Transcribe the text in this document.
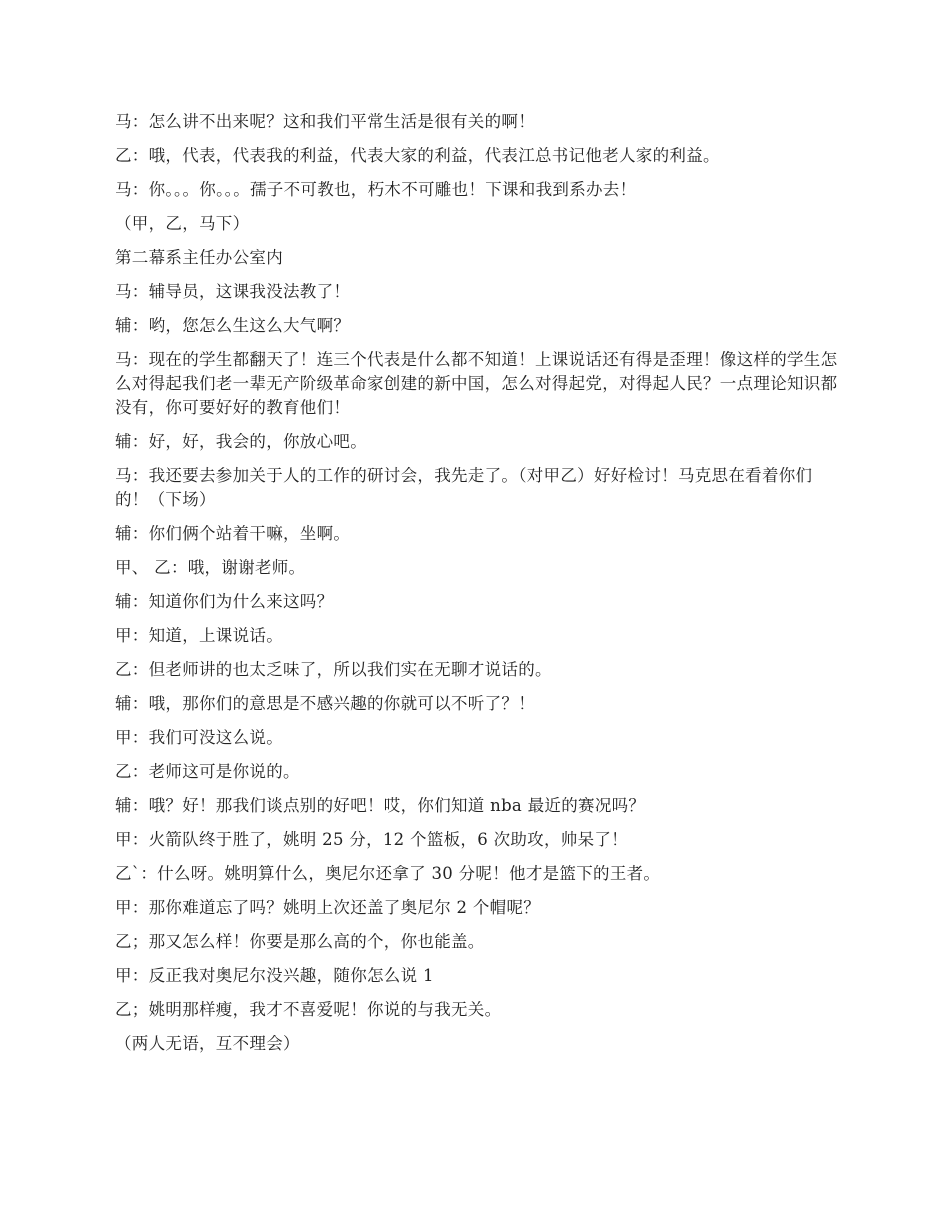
马：怎么讲不出来呢？这和我们平常生活是很有关的啊！

乙：哦，代表，代表我的利益，代表大家的利益，代表江总书记他老人家的利益。

马：你。。。你。。。孺子不可教也，朽木不可雕也！下课和我到系办去！

（甲，乙，马下）

第二幕系主任办公室内

马：辅导员，这课我没法教了！

辅：哟，您怎么生这么大气啊？

马：现在的学生都翻天了！连三个代表是什么都不知道！上课说话还有得是歪理！像这样的学生怎么对得起我们老一辈无产阶级革命家创建的新中国，怎么对得起党，对得起人民？一点理论知识都没有，你可要好好的教育他们！

辅：好，好，我会的，你放心吧。

马：我还要去参加关于人的工作的研讨会，我先走了。（对甲乙）好好检讨！马克思在看着你们的！（下场）

辅：你们俩个站着干嘛，坐啊。

甲、 乙：哦，谢谢老师。

辅：知道你们为什么来这吗？

甲：知道，上课说话。

乙：但老师讲的也太乏味了，所以我们实在无聊才说话的。

辅：哦，那你们的意思是不感兴趣的你就可以不听了？！

甲：我们可没这么说。

乙：老师这可是你说的。

辅：哦？好！那我们谈点别的好吧！哎，你们知道 nba 最近的赛况吗？

甲：火箭队终于胜了，姚明 25 分，12 个篮板，6 次助攻，帅呆了！

乙`：什么呀。姚明算什么，奥尼尔还拿了 30 分呢！他才是篮下的王者。

甲：那你难道忘了吗？姚明上次还盖了奥尼尔 2 个帽呢？

乙；那又怎么样！你要是那么高的个，你也能盖。

甲：反正我对奥尼尔没兴趣，随你怎么说 1

乙；姚明那样瘦，我才不喜爱呢！你说的与我无关。

（两人无语，互不理会）
